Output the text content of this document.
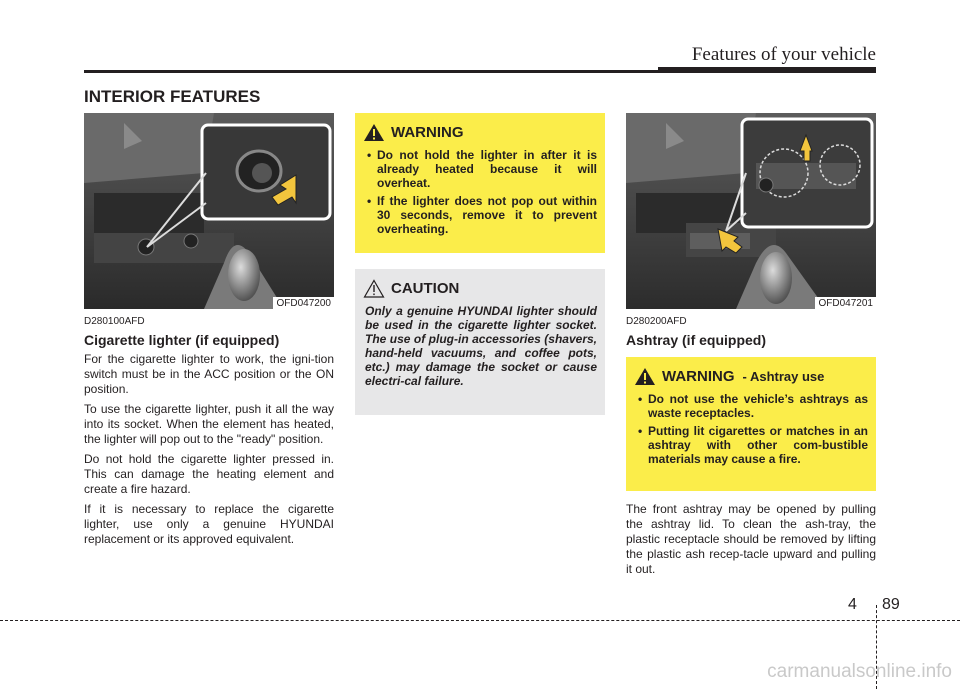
Features of your vehicle
INTERIOR FEATURES
OFD047200
D280100AFD
Cigarette lighter (if equipped)

For the cigarette lighter to work, the igni-tion switch must be in the ACC position or the ON position.

To use the cigarette lighter, push it all the way into its socket. When the element has heated, the lighter will pop out to the "ready" position.

Do not hold the cigarette lighter pressed in. This can damage the heating element and create a fire hazard.

If it is necessary to replace the cigarette lighter, use only a genuine HYUNDAI replacement or its approved equivalent.

WARNING
• Do not hold the lighter in after it is already heated because it will overheat.
• If the lighter does not pop out within 30 seconds, remove it to prevent overheating.
CAUTION
Only a genuine HYUNDAI lighter should be used in the cigarette lighter socket. The use of plug-in accessories (shavers, hand-held vacuums, and coffee pots, etc.) may damage the socket or cause electri-cal failure.
OFD047201
D280200AFD
Ashtray (if equipped)
WARNING - Ashtray use
• Do not use the vehicle’s ashtrays as waste receptacles.
• Putting lit cigarettes or matches in an ashtray with other com-bustible materials may cause a fire.

The front ashtray may be opened by pulling the ashtray lid. To clean the ash-tray, the plastic receptacle should be removed by lifting the plastic ash recep-tacle upward and pulling it out.

4 89
carmanualsonline.info
